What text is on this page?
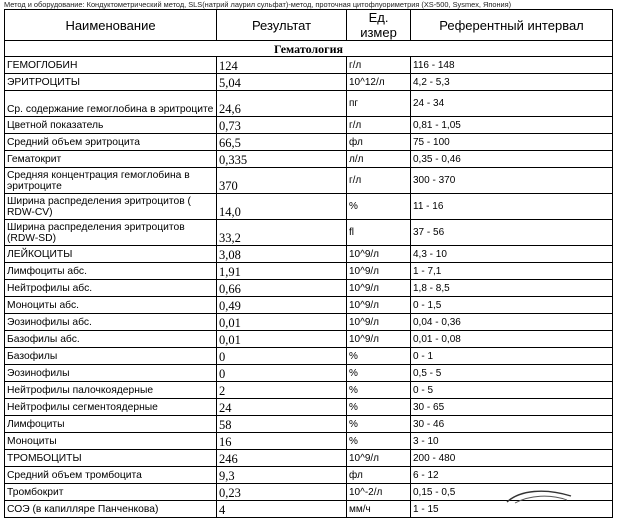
Метод и оборудование: Кондуктометрический метод, SLS(натрий лаурил сульфат)-метод, проточная цитофлуориметрия (XS-500, Sysmex, Япония)
Наименование	Результат	Ед. измер	Референтный интервал
Гематология			
ГЕМОГЛОБИН	124	г/л	116 - 148
ЭРИТРОЦИТЫ	5,04	10^12/л	4,2 - 5,3
Ср. содержание гемоглобина в эритроците	24,6	пг	24 - 34
Цветной показатель	0,73	г/л	0,81 - 1,05
Средний объем эритроцита	66,5	фл	75 - 100
Гематокрит	0,335	л/л	0,35 - 0,46
Средняя концентрация гемоглобина в эритроците	370	г/л	300 - 370
Ширина распределения эритроцитов ( RDW-CV)	14,0	%	11 - 16
Ширина распределения эритроцитов (RDW-SD)	33,2	fl	37 - 56
ЛЕЙКОЦИТЫ	3,08	10^9/л	4,3 - 10
Лимфоциты абс.	1,91	10^9/л	1 - 7,1
Нейтрофилы абс.	0,66	10^9/л	1,8 - 8,5
Моноциты абс.	0,49	10^9/л	0 - 1,5
Эозинофилы абс.	0,01	10^9/л	0,04 - 0,36
Базофилы абс.	0,01	10^9/л	0,01 - 0,08
Базофилы	0	%	0 - 1
Эозинофилы	0	%	0,5 - 5
Нейтрофилы палочкоядерные	2	%	0 - 5
Нейтрофилы сегментоядерные	24	%	30 - 65
Лимфоциты	58	%	30 - 46
Моноциты	16	%	3 - 10
ТРОМБОЦИТЫ	246	10^9/л	200 - 480
Средний объем тромбоцита	9,3	фл	6 - 12
Тромбокрит	0,23	10^-2/л	0,15 - 0,5
СОЭ (в капилляре Панченкова)	4	мм/ч	1 - 15
